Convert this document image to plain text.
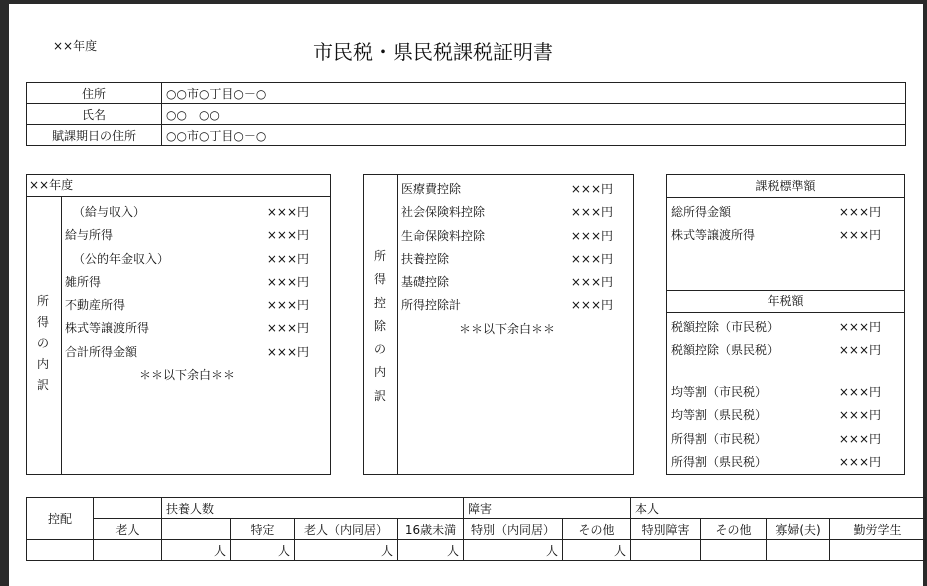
××年度	市民税・県民税課税証明書
住所	○○市○丁目○－○
氏名	○○　○○
賦課期日の住所	○○市○丁目○－○
××年度
所
得
の
内
訳
（給与収入）	×××円
給与所得	×××円
（公的年金収入）	×××円
雑所得	×××円
不動産所得	×××円
株式等譲渡所得	×××円
合計所得金額	×××円
＊＊以下余白＊＊
所
得
控
除
の
内
訳
医療費控除	×××円
社会保険料控除	×××円
生命保険料控除	×××円
扶養控除	×××円
基礎控除	×××円
所得控除計	×××円
＊＊以下余白＊＊
課税標準額
総所得金額	×××円
株式等譲渡所得	×××円
年税額
税額控除（市民税）	×××円
税額控除（県民税）	×××円
均等割（市民税）	×××円
均等割（県民税）	×××円
所得割（市民税）	×××円
所得割（県民税）	×××円
控配		扶養人数				障害		本人			
	老人		特定	老人（内同居）	16歳未満	特別（内同居）	その他	特別障害	その他	寡婦(夫)	勤労学生
		人	人	人	人	人	人				
